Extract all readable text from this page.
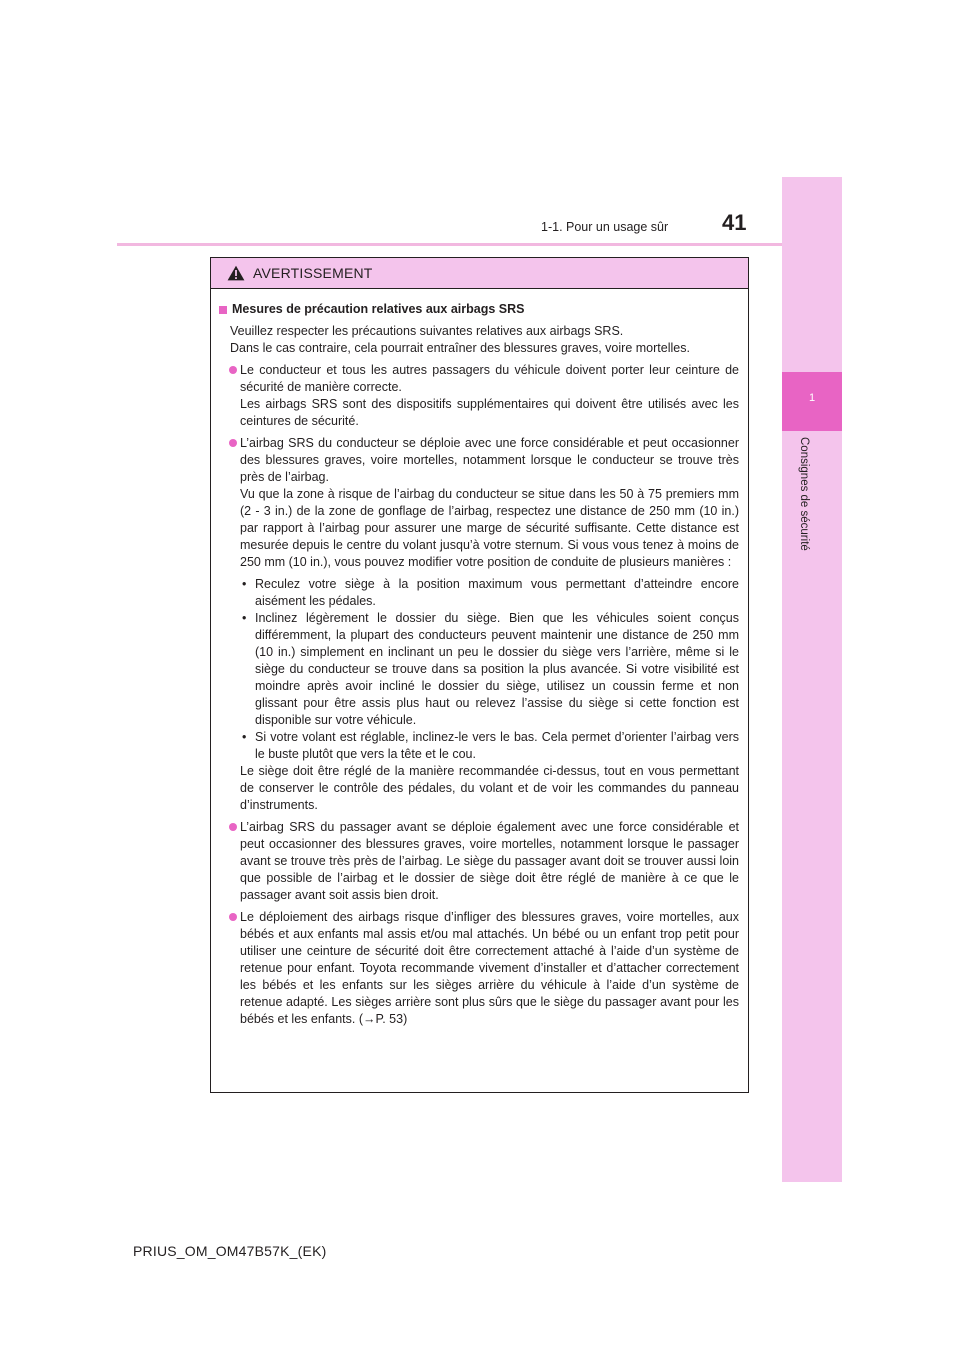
41
1-1. Pour un usage sûr
1
Consignes de sécurité
AVERTISSEMENT
Mesures de précaution relatives aux airbags SRS

Veuillez respecter les précautions suivantes relatives aux airbags SRS.

Dans le cas contraire, cela pourrait entraîner des blessures graves, voire mortelles.

Le conducteur et tous les autres passagers du véhicule doivent porter leur ceinture de sécurité de manière correcte.

Les airbags SRS sont des dispositifs supplémentaires qui doivent être utilisés avec les ceintures de sécurité.

L’airbag SRS du conducteur se déploie avec une force considérable et peut occasionner des blessures graves, voire mortelles, notamment lorsque le conducteur se trouve très près de l’airbag.

Vu que la zone à risque de l’airbag du conducteur se situe dans les 50 à 75 premiers mm (2 - 3 in.) de la zone de gonflage de l’airbag, respectez une distance de 250 mm (10 in.) par rapport à l’airbag pour assurer une marge de sécurité suffisante. Cette distance est mesurée depuis le centre du volant jusqu’à votre sternum. Si vous vous tenez à moins de 250 mm (10 in.), vous pouvez modifier votre position de conduite de plusieurs manières :

• Reculez votre siège à la position maximum vous permettant d’atteindre encore aisément les pédales.
• Inclinez légèrement le dossier du siège. Bien que les véhicules soient conçus différemment, la plupart des conducteurs peuvent maintenir une distance de 250 mm (10 in.) simplement en inclinant un peu le dossier du siège vers l’arrière, même si le siège du conducteur se trouve dans sa position la plus avancée. Si votre visibilité est moindre après avoir incliné le dossier du siège, utilisez un coussin ferme et non glissant pour être assis plus haut ou relevez l’assise du siège si cette fonction est disponible sur votre véhicule.
• Si votre volant est réglable, inclinez-le vers le bas. Cela permet d’orienter l’airbag vers le buste plutôt que vers la tête et le cou.

Le siège doit être réglé de la manière recommandée ci-dessus, tout en vous permettant de conserver le contrôle des pédales, du volant et de voir les commandes du panneau d’instruments.

L’airbag SRS du passager avant se déploie également avec une force considérable et peut occasionner des blessures graves, voire mortelles, notamment lorsque le passager avant se trouve très près de l’airbag. Le siège du passager avant doit se trouver aussi loin que possible de l’airbag et le dossier de siège doit être réglé de manière à ce que le passager avant soit assis bien droit.

Le déploiement des airbags risque d’infliger des blessures graves, voire mortelles, aux bébés et aux enfants mal assis et/ou mal attachés. Un bébé ou un enfant trop petit pour utiliser une ceinture de sécurité doit être correctement attaché à l’aide d’un système de retenue pour enfant. Toyota recommande vivement d’installer et d’attacher correctement les bébés et les enfants sur les sièges arrière du véhicule à l’aide d’un système de retenue adapté. Les sièges arrière sont plus sûrs que le siège du passager avant pour les bébés et les enfants. (→P. 53)

PRIUS_OM_OM47B57K_(EK)
